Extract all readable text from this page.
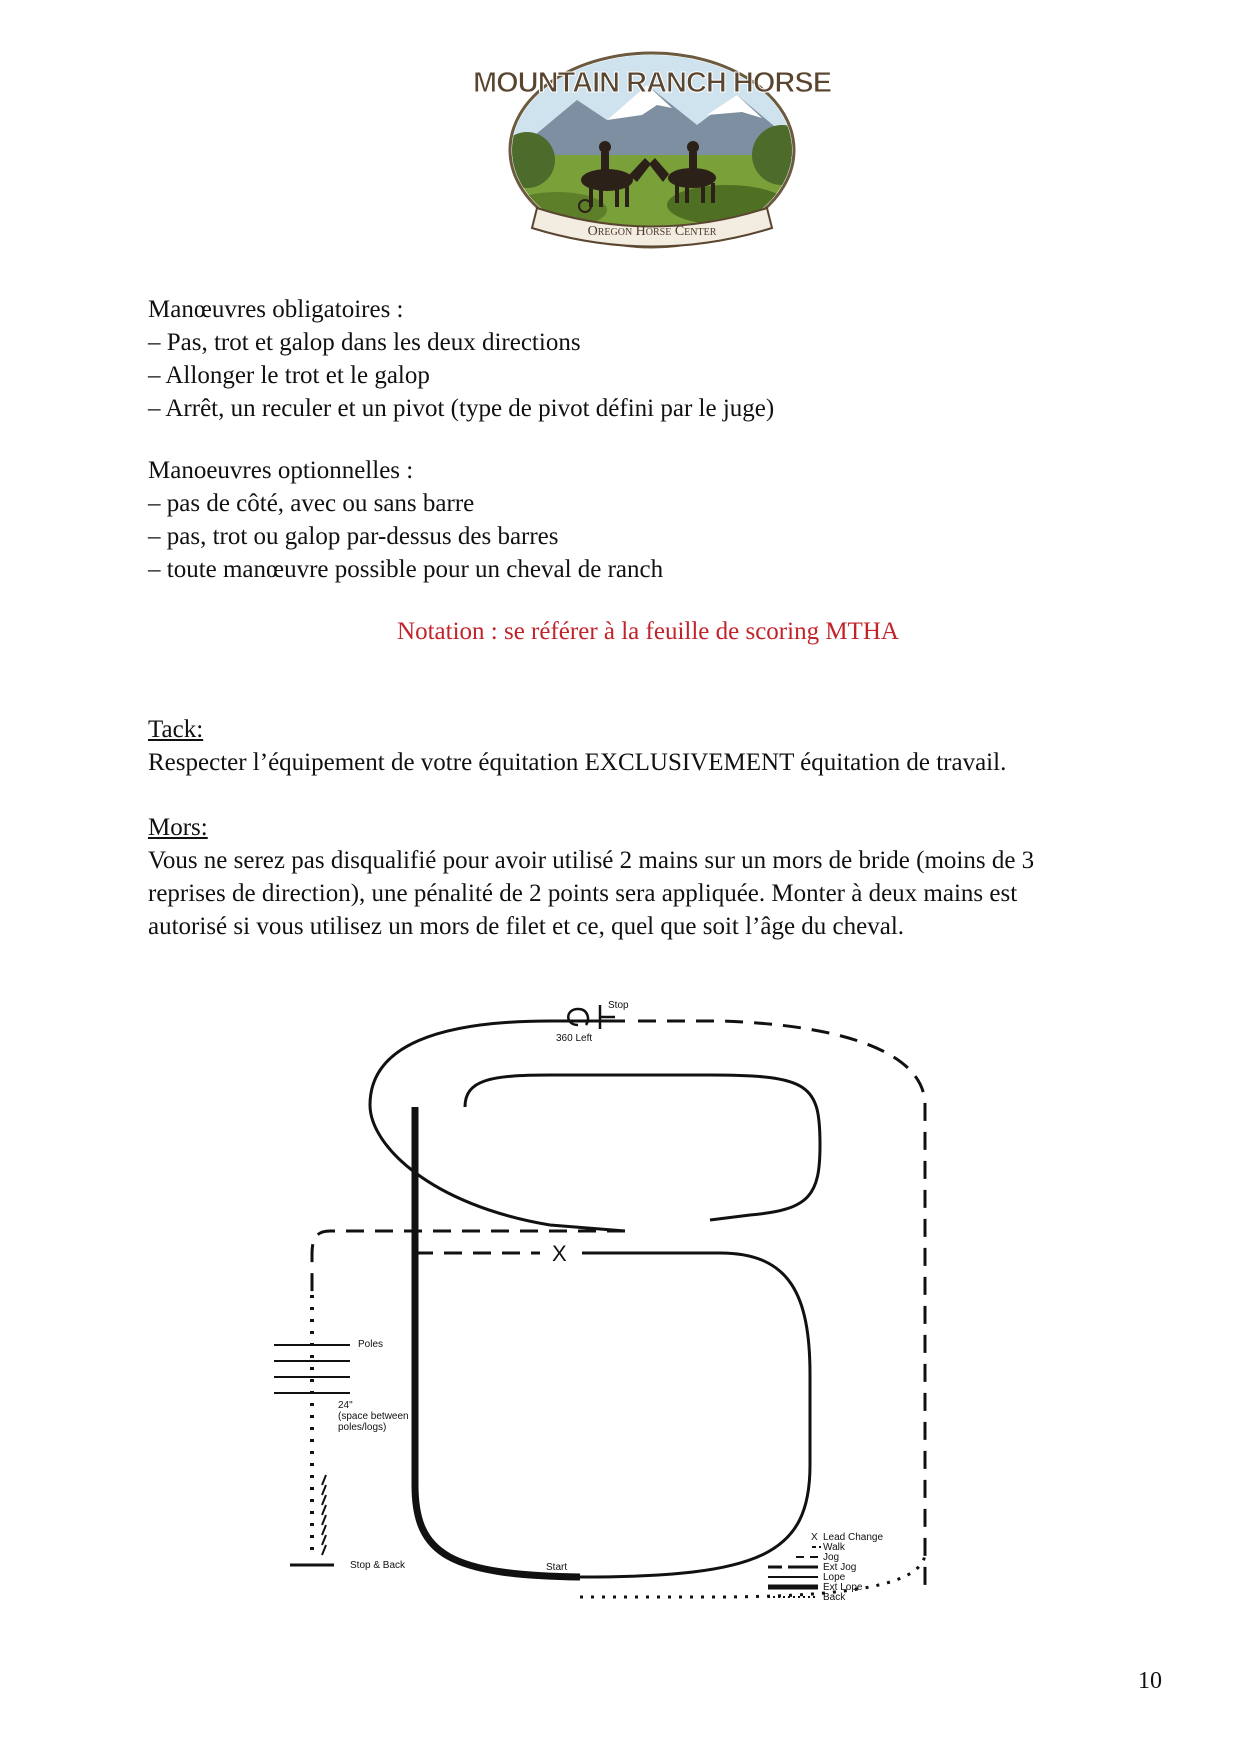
MOUNTAIN RANCH HORSE
Oregon Horse Center
Manœuvres obligatoires :
– Pas, trot et galop dans les deux directions
– Allonger le trot et le galop
– Arrêt, un reculer et un pivot (type de pivot défini par le juge)
Manoeuvres optionnelles :
– pas de côté, avec ou sans barre
– pas, trot ou galop par-dessus des barres
– toute manœuvre possible pour un cheval de ranch
Notation : se référer à la feuille de scoring MTHA
Tack:
Respecter l’équipement de votre équitation EXCLUSIVEMENT équitation de travail.
Mors:
Vous ne serez pas disqualifié pour avoir utilisé 2 mains sur un mors de bride (moins de 3
reprises de direction), une pénalité de 2 points sera appliquée. Monter à deux mains est
autorisé si vous utilisez un mors de filet et ce, quel que soit l’âge du cheval.
X
Stop
360 Left
Poles
24"
(space between
poles/logs)
Stop & Back	Start
X Lead Change
Walk
Jog
Ext Jog
Lope
Ext Lope
Back
10
